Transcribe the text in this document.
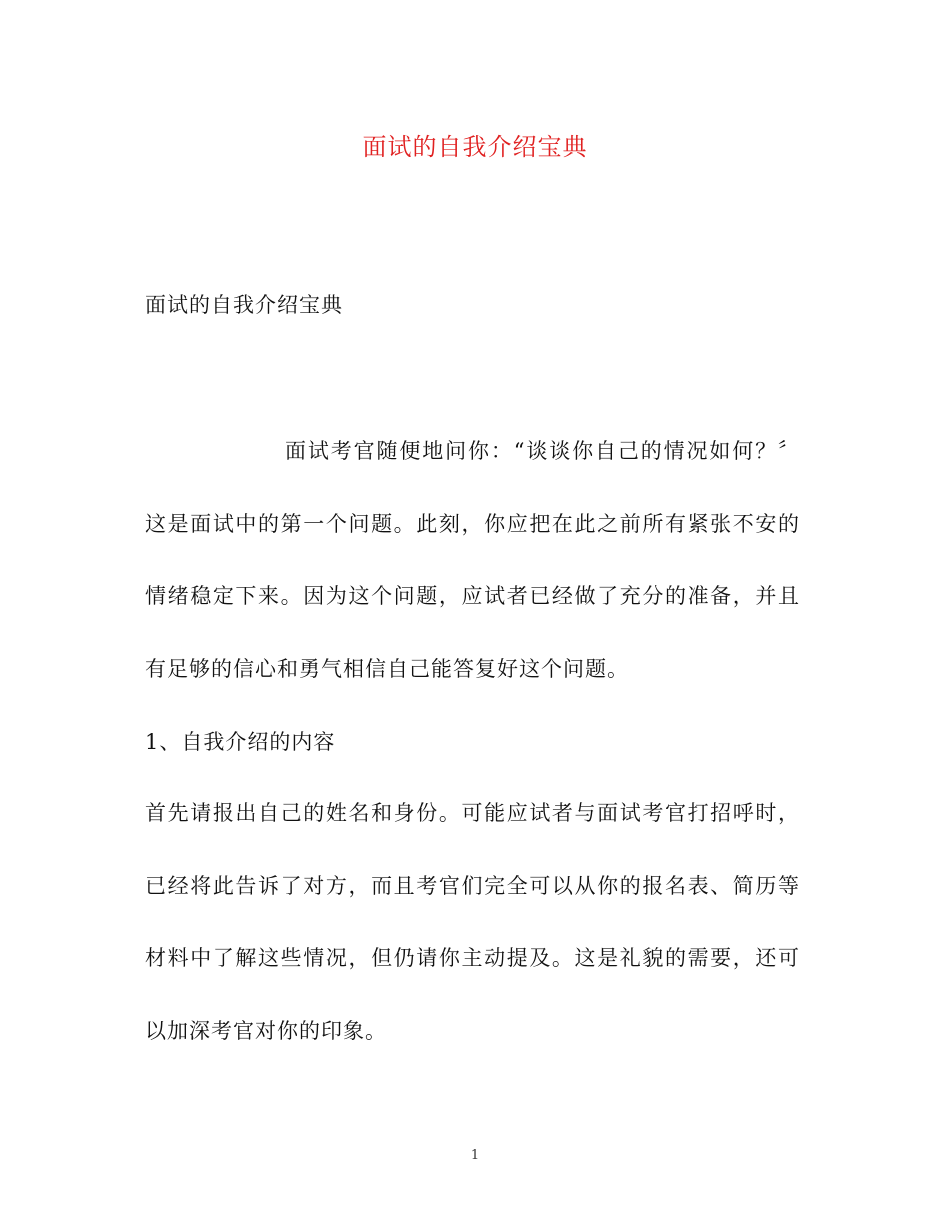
面试的自我介绍宝典
面试的自我介绍宝典

面试考官随便地问你：“谈谈你自己的情况如何？〞这是面试中的第一个问题。此刻，你应把在此之前所有紧张不安的情绪稳定下来。因为这个问题，应试者已经做了充分的准备，并且有足够的信心和勇气相信自己能答复好这个问题。

1、自我介绍的内容

首先请报出自己的姓名和身份。可能应试者与面试考官打招呼时，已经将此告诉了对方，而且考官们完全可以从你的报名表、简历等材料中了解这些情况，但仍请你主动提及。这是礼貌的需要，还可以加深考官对你的印象。

1
